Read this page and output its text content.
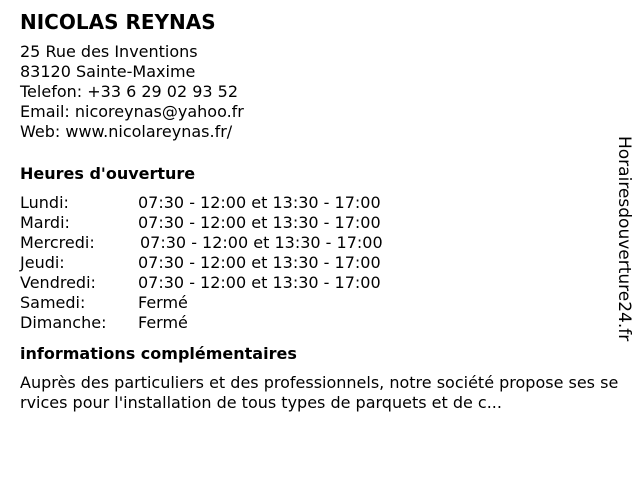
NICOLAS REYNAS
25 Rue des Inventions
83120 Sainte-Maxime
Telefon: +33 6 29 02 93 52
Email: nicoreynas@yahoo.fr
Web: www.nicolareynas.fr/
Heures d'ouverture
Lundi:	07:30 - 12:00 et 13:30 - 17:00
Mardi:	07:30 - 12:00 et 13:30 - 17:00
Mercredi:	07:30 - 12:00 et 13:30 - 17:00
Jeudi:	07:30 - 12:00 et 13:30 - 17:00
Vendredi:	07:30 - 12:00 et 13:30 - 17:00
Samedi:	Fermé
Dimanche: Fermé
informations complémentaires
Auprès des particuliers et des professionnels, notre société propose ses services pour l'installation de tous types de parquets et de c...
Horairesdouverture24.fr
